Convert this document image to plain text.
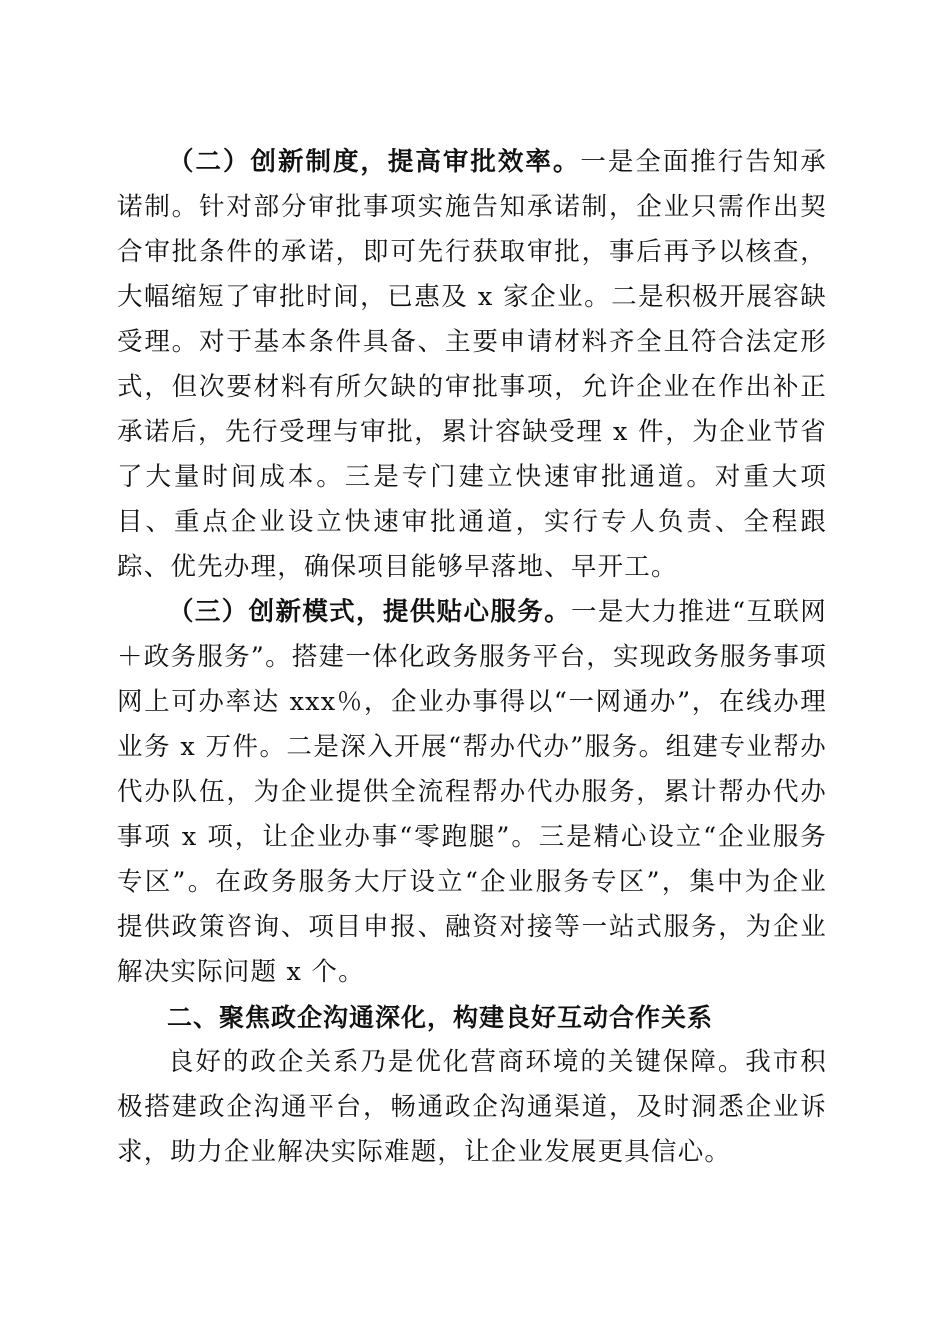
（二）创新制度，提高审批效率。一是全面推行告知承诺制。针对部分审批事项实施告知承诺制，企业只需作出契合审批条件的承诺，即可先行获取审批，事后再予以核查，大幅缩短了审批时间，已惠及 x 家企业。二是积极开展容缺受理。对于基本条件具备、主要申请材料齐全且符合法定形式，但次要材料有所欠缺的审批事项，允许企业在作出补正承诺后，先行受理与审批，累计容缺受理 x 件，为企业节省了大量时间成本。三是专门建立快速审批通道。对重大项目、重点企业设立快速审批通道，实行专人负责、全程跟踪、优先办理，确保项目能够早落地、早开工。

（三）创新模式，提供贴心服务。一是大力推进“互联网＋政务服务”。搭建一体化政务服务平台，实现政务服务事项网上可办率达 xxx％，企业办事得以“一网通办”，在线办理业务 x 万件。二是深入开展“帮办代办”服务。组建专业帮办代办队伍，为企业提供全流程帮办代办服务，累计帮办代办事项 x 项，让企业办事“零跑腿”。三是精心设立“企业服务专区”。在政务服务大厅设立“企业服务专区”，集中为企业提供政策咨询、项目申报、融资对接等一站式服务，为企业解决实际问题 x 个。

二、聚焦政企沟通深化，构建良好互动合作关系

良好的政企关系乃是优化营商环境的关键保障。我市积极搭建政企沟通平台，畅通政企沟通渠道，及时洞悉企业诉求，助力企业解决实际难题，让企业发展更具信心。
